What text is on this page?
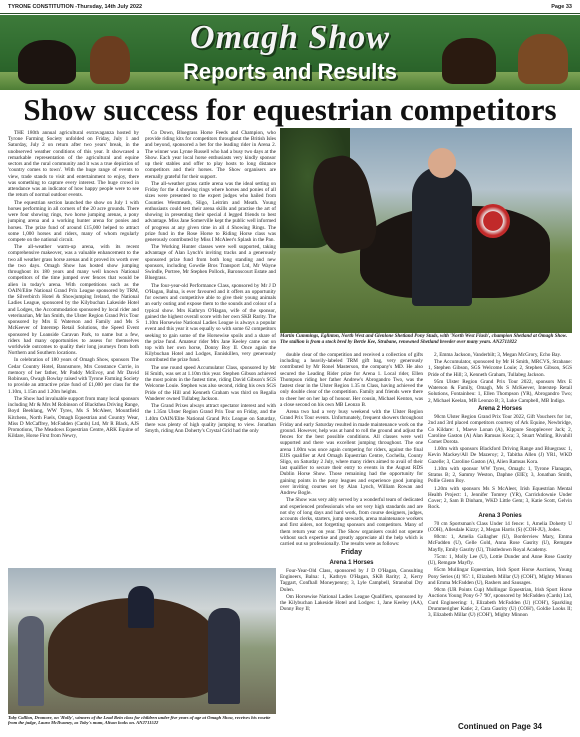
TYRONE CONSTITUTION -Thursday, 14th July 2022	Page 33
Omagh Show
Reports and Results
Show success for equestrian competitors

THE 180th annual agricultural extravaganza hosted by Tyrone Farming Society unfolded on Friday, July 1 and Saturday, July 2 on return after two years' break, in the unobserved weather conditions of this year. It showcased a remarkable representation of the agricultural and equine sectors and the rural community and it was a true depiction of 'country comes to town'. With the huge range of events to view, trade stands to visit and entertainment to enjoy, there was something to capture every interest. The huge crowd in attendance was an indicator of how happy people were to see the return of normal outdoor events.

The equestrian section launched the show on July 1 with horses performing in all corners of the 20 acre grounds. There were four showing rings, two horse jumping arenas, a pony jumping arena and a working hunter arena for ponies and horses. The prize fund of around £15,000 helped to attract some 1,000 horses and riders, many of whom regularly compete on the national circuit.

The all-weather warm-up arena, with its recent comprehensive makeover, was a valuable enhancement to the two all weather grass horse arenas and it proved its worth over the two days. Omagh Show has hosted show jumping throughout its 180 years and many well known National competitors of the time jumped over fences that would be alien in today's arena. With competitions such as the OAIN/Elite National Grand Prix League sponsored by TRM, the Silverbirch Hotel & Showjumping Ireland, the National Ladies League, sponsored by the Kilybuchan Lakeside Hotel and Lodges, the Accommodation sponsored by local rider and veterinarian, Mr Ian Smith, the Ulster Region Grand Prix Tour sponsored by Mrs E Waterson and Family and Ms S McKeever of Interstep Retail Solutions, the Speed Event sponsored by Loanside Caravan Park, to name but a few, riders had many opportunities to assess for themselves worldwide outcomes to quality their long journeys from both Northern and Southern locations.

In celebration of 180 years of Omagh Show, sponsors The Cedar Country Hotel, Bannsmore, Mrs Constance Currie, in memory of her father, Mr Paddy McEvoy, and Mr David Robinson, Owagh Bowlay raised with Tyrone Farming Society to provide an attractive prize fund of £1,000 per class for the 1.10m, 1.15m and 1.20m heights.

The Show had invaluable support from many local sponsors including Mr & Mrs M Robinson of Blackthea Driving Range, Boyd Beehlang, WW Tyres, Ms S McAleer, Mountfield Kitchens, North Fuels, Omagh Equestrian and Country Wear, Miss D McCaffrey, McFadden (Cards) Ltd, Mr R Black, AJS Promotions, The Meadows Equestrian Centre, ARK Equine of Kildare, Horse First from Newry,

Co Down, Bluegrass Horse Feeds and Champion, who provide riding kits for competitors throughout the British Isles and beyond, sponsored a bet for the leading rider in Arena 2. The winner was Lynne Russell who had a busy two days at the Show. Each year local horse enthusiasts very kindly sponsor up their stables and offer to play hosts to long distance competitors and their horses. The Show organisers are eternally grateful for their support.

The all-weather grass cattle arena was the ideal setting on Friday for the 4 showing rings where horses and ponies of all sizes were presented to the expert judges who hailed from Counties Westmeath, Sligo, Leitrim and Meath. Young enthusiasts could test their arena skills and practise the art of showing in presenting their special 4 legged friends to best advantage. Miss Jane Somerville kept the public well informed of progress at any given time in all 4 Showing Rings. The prize fund in the Rose Horse to Riding Horse class was generously contributed by Miss I McAleer's Splash in the Pan.

The Working Hunter classes were well supported, taking advantage of Alan Lynch's inviting tracks and a generously sponsored prize fund from both long standing and new sponsors, including Gowdie Bros Transport Ltd, Mr Wayne Swindle, Portree, Mr Stephen Pollock, Baronscourt Estate and Bluegrass.

The four-year-old Performance Class, sponsored by Mr J D O'Hagan, Balna, is ever favoured and it offers an opportunity for owners and competitive able to give their young animals an early outing and expose them to the sounds and colour of a typical show. Mrs Kathryn O'Hagan, wife of the sponsor, gained the highest overall score with her own SKB Rarity. The 1.10m Horsewise National Ladies League is always a popular event and this year it was equally so with some 62 competitors seeking to gain some of the Horsewise spoils and a share of the prize fund. Amateur rider Mrs Jane Keeley came out on top with her own horse, Donny Boy II. Once again the Kilybuchan Hotel and Lodges, Enniskillen, very generously contributed the prize fund.

The one round speed Accumulator Class, sponsored by Mr H Smith, was set at 1.10m this year. Stephen Gibson achieved the most points in the fastest time, riding David Gibson's SGS Welcome Louie. Stephen was also second, riding his own SGS Pride of the Hill and Kenneth Graham was third on Regalia Wanderer owned Tullabeg Jackson.

The Grand Prixes always attract spectator interest and with the 1.35m Ulster Region Grand Prix Tour on Friday, and the 1.40m OAIN/Elite National Grand Prix League on Saturday, there was plenty of high quality jumping to view. Jonathan Smyth, riding Ann Doherty's Crystal Grid had the only

Martin Cummings, Eglinton, North West and Glenlone Shetland Pony Studs, with 'North West Flash', champion Shetland at Omagh Show. The stallion is from a stock bred by Bertie Kee, Strabane, renowned Shetland breeder over many years. AN2711822

double clear of the competition and received a collection of gifts including a heavily-labeled TRM gift bag, very generously contributed by Mr Ronel Masterson, the company's MD. He also secured the Leading Rider prize for Arena 1. Local rider, Ellen Thompson riding her father Andrew's Abrogandro Two, was the fastest clear in the Ulster Region 1.35 m Class, having achieved the only double clear of the competition. Family and friends were there to cheer her on her lap of honour. Her cousin, Michael Kenton, was a close second on his own MB Leonzo B.

Arena two had a very busy weekend with the Ulster Region Grand Prix Tour events. Unfortunately, frequent showers throughout Friday and early Saturday resulted in made maintenance work on the ground. However, help was at hand to roll the ground and adjust the fences for the best possible conditions. All classes were well supported and there was excellent jumping throughout. The one arena 1.00m was once again competing for riders, against the final EJJS qualifier at Ard Omagh Equestrian Centre, Cochella, County Sligo, on Saturday 2 July, where many riders aimed to avail of their last qualifier to secure their entry to events in the August RDS Dublin Horse Show. Those remaining had the opportunity for gaining points in the pony leagues and experience good jumping over inviting courses set by Alan Lynch, William Rowan and Andrew Bogle.

The Show was very ably served by a wonderful team of dedicated and experienced professionals who set very high standards and are not shy of long days and hard work, from course designers, judges, accounts clerks, starters, jump stewards, arena maintenance workers and first aiders, not forgetting sponsors and competitors. Many of them return year on year. The Show organisers could not operate without such expertise and greatly appreciate all the help which is carried out so professionally. The results were as follows:

Friday
Arena 1 Horses

Four-Year-Old Class, sponsored by J D O'Hagan, Consulting Engineers, Balna: 1, Kathryn O'Hagan, SKB Rarity; 2, Kerry Taggart, Confhall Moneypenny; 3, Lyle Campbell, Stranobal Dry Dolen.

Om Horsewise National Ladies League Qualifiers, sponsored by the Kilybuchan Lakeside Hotel and Lodges: 1, Jane Keeley (AA), Donny Boy II;

2, Emma Jackson, Vanderbilt; 3, Megan McGrory, Echo Bay.

The Accumulator, sponsored by Mr H Smith, MRCVS, Strabane: 1, Stephen Gibson, SGS Welcome Louie; 2, Stephen Gibson, SGS Pride of the Hill; 3, Kenneth Graham, Tullabeg Jackson.

95m Ulster Region Grand Prix Tour 2022, sponsors Mrs E Waterson & Family, Omagh, Ms S McKeever, Interstep Retail Solutions, Fontainbeu: 1, Ellen Thompson (YR), Abrogandro Two; 2, Michael Keelan, MB Leonzo B; 3, Luke Campbell, MB Indigo.

Arena 2 Horses

90cm Ulster Region Grand Prix Tour 2022, Gift Vouchers for 1st, 2nd and 3rd placed competitors courtesy of Ark Equine, Newbridge, Co Kildare: 1, Maeve Lonan (A), Kippure Snoppleover Jack; 2, Caroline Gaston (A) Alan Ramsas Koca; 3, Stuart Watling, Rivahill Comet Dorota.

1.00m with sponsors Blackford Driving Range and Bluegrass: 1, Kevin Mackey/All De Mazeroy; 2, Tabitha Allen (J) YR1, WKD Gazelle; 3, Caroline Gaston (A), Alien Ramsas Kora.

1.10m with sponsor WW Tyres, Omagh: 1, Tyrone Flanagan, Stratus B; 2, Sammy Weston, Daphne (EIE); 3, Jonathan Smith, Pollie Glenn Boy.

1.20m with sponsors Ms S McAleer, Irish Equestrian Mental Health Project: 1, Jennifer Tomrey (YR), Carrickdownie Under Cover; 2, Sam B Dinham, WKD Little Gem; 3, Katie Scott, Gelvin Rock.

Arena 3 Ponies

70 cm Sportsman's Class Under 14 fence: 1, Amelia Doherty U (COH), Allesdale Kizzy; 2, Megan Harris (S) (COH-JU), Jodes.

80cm: 1, Amelia Gallagher (U), Borderview Mary, Emma McFadden (U), Gelle Gold, Anna Rose Gasrity (U), Remgate Mayfly, Emily Gasrity (U), Thistledown Royal Academy.

75cm: 1, Molly Lee (U), Lottie Dunder and Anne Rose Gasrity (U), Remgate Mayfly.

85cm Mullingar Equestrian, Irish Sport Horse Auctions, Young Pony Series (4) '85': 1, Elizabeth Millar (U) (COH'), Mighty Minnon and Emma McFadden (U), Rashers and Sausages.

90cm (UR Points Cup) Mullingar Equestrian, Irish Sport Horse Auctions Young Pony 6-7 '90', sponsored by McFadden (Cards) Ltd, Curd Engineering: 1, Elizabeth McFadden (U) (COH'), Sparkling Drummerigher Katie; 2, Cara Gasrity (U) (COH'), Goldie Looks II; 3, Elizabeth Millar (U) (COH'), Mighty Minnon

Toby Calllon, Dromore, on 'Holly', winners of the Lead Rein class for children under five years of age at Omagh Show, receives his rosette from the judge, Laura McIlwaney, as Toby's mum, Alison looks on. AN2711522	Continued on Page 34
